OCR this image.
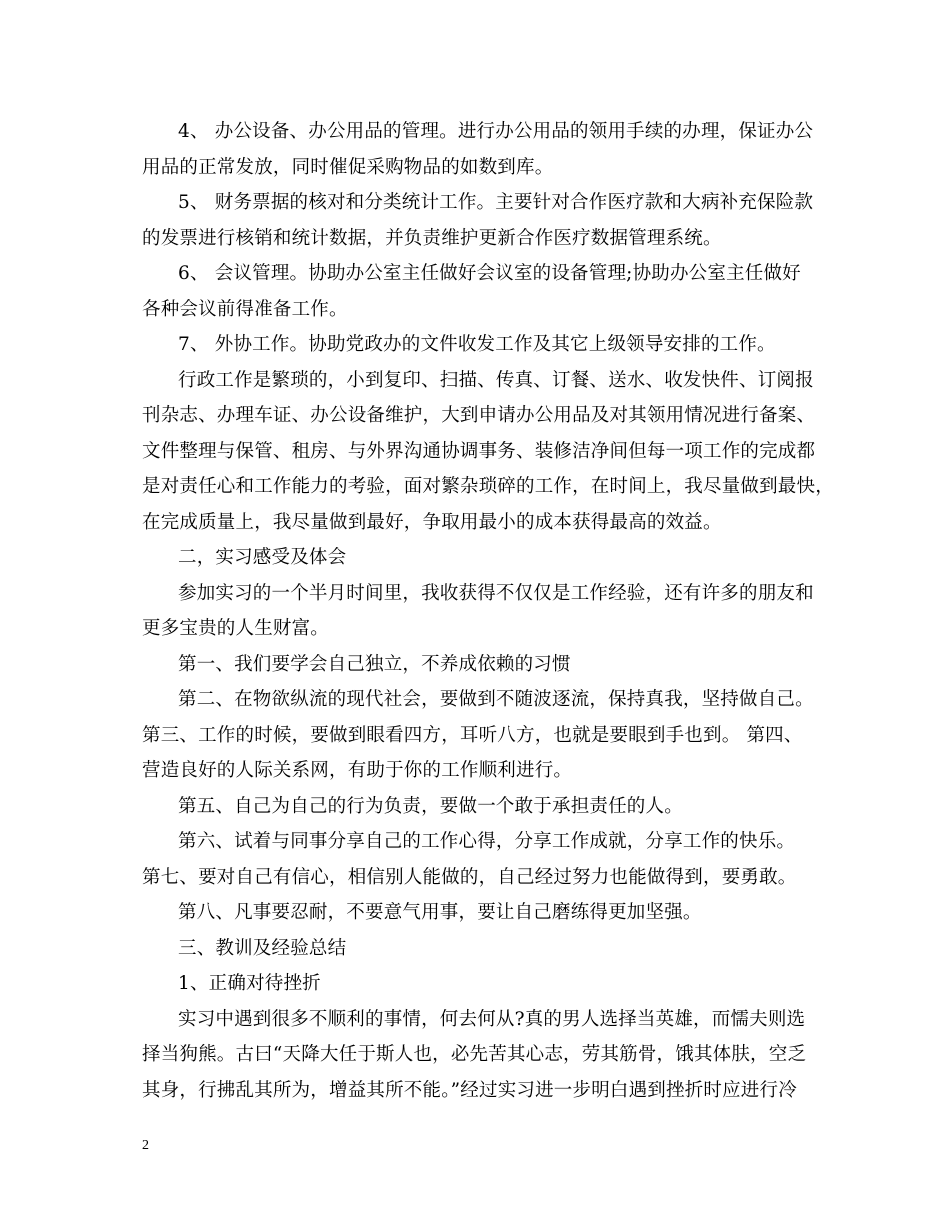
4、 办公设备、办公用品的管理。进行办公用品的领用手续的办理，保证办公
用品的正常发放，同时催促采购物品的如数到库。
5、 财务票据的核对和分类统计工作。主要针对合作医疗款和大病补充保险款
的发票进行核销和统计数据，并负责维护更新合作医疗数据管理系统。
6、 会议管理。协助办公室主任做好会议室的设备管理;协助办公室主任做好
各种会议前得准备工作。
7、 外协工作。协助党政办的文件收发工作及其它上级领导安排的工作。
行政工作是繁琐的，小到复印、扫描、传真、订餐、送水、收发快件、订阅报
刊杂志、办理车证、办公设备维护，大到申请办公用品及对其领用情况进行备案、
文件整理与保管、租房、与外界沟通协调事务、装修洁净间但每一项工作的完成都
是对责任心和工作能力的考验，面对繁杂琐碎的工作，在时间上，我尽量做到最快，
在完成质量上，我尽量做到最好，争取用最小的成本获得最高的效益。
二，实习感受及体会
参加实习的一个半月时间里，我收获得不仅仅是工作经验，还有许多的朋友和
更多宝贵的人生财富。
第一、我们要学会自己独立，不养成依赖的习惯
第二、在物欲纵流的现代社会，要做到不随波逐流，保持真我，坚持做自己。
第三、工作的时候，要做到眼看四方，耳听八方，也就是要眼到手也到。 第四、
营造良好的人际关系网，有助于你的工作顺利进行。
第五、自己为自己的行为负责，要做一个敢于承担责任的人。
第六、试着与同事分享自己的工作心得，分享工作成就，分享工作的快乐。
第七、要对自己有信心，相信别人能做的，自己经过努力也能做得到，要勇敢。
第八、凡事要忍耐，不要意气用事，要让自己磨练得更加坚强。
三、教训及经验总结
1、正确对待挫折
实习中遇到很多不顺利的事情，何去何从?真的男人选择当英雄，而懦夫则选
择当狗熊。古曰“天降大任于斯人也，必先苦其心志，劳其筋骨，饿其体肤，空乏
其身，行拂乱其所为，增益其所不能。”经过实习进一步明白遇到挫折时应进行冷
2
